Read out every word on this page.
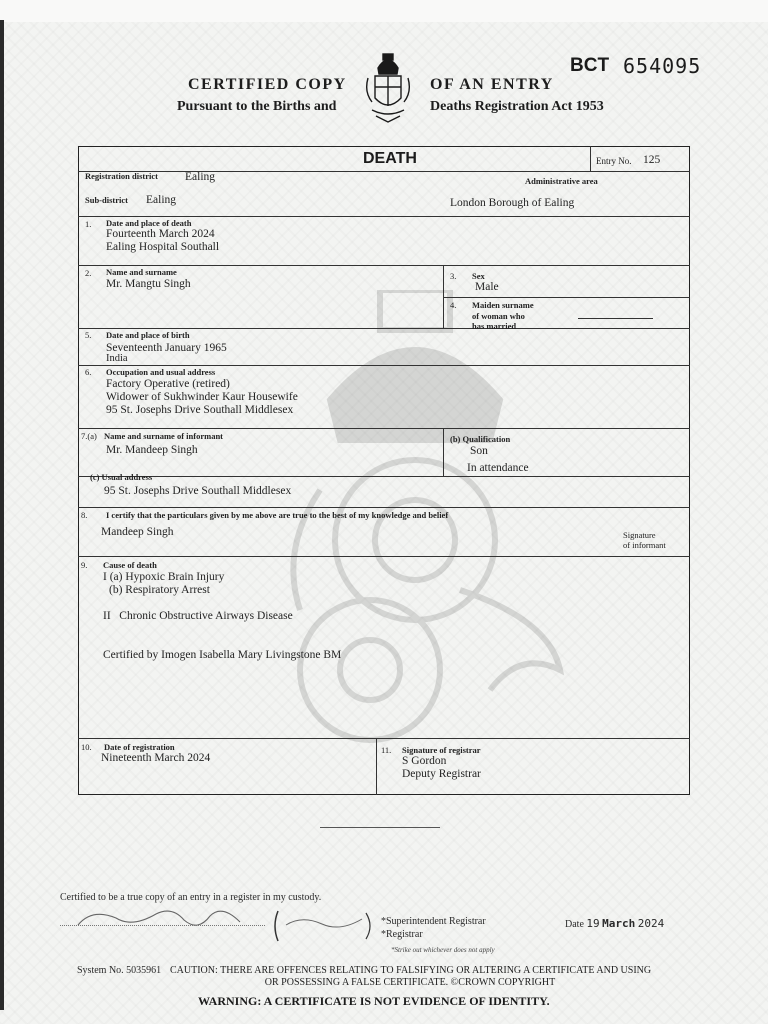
CERTIFIED COPY
Pursuant to the Births and
OF AN ENTRY
Deaths Registration Act 1953
BCT 654095
DEATH	Entry No. 125
Registration district Ealing	Administrative area
Sub-district Ealing	London Borough of Ealing
1. Date and place of death
Fourteenth March 2024
Ealing Hospital Southall
2. Name and surname
Mr. Mangtu Singh
3. Sex
Male
4. Maiden surname
of woman who
has married
5. Date and place of birth
Seventeenth January 1965
India
6. Occupation and usual address
Factory Operative (retired)
Widower of Sukhwinder Kaur Housewife
95 St. Josephs Drive Southall Middlesex
7.(a) Name and surname of informant
Mr. Mandeep Singh
(b) Qualification
Son
In attendance
(c) Usual address
95 St. Josephs Drive Southall Middlesex
8. I certify that the particulars given by me above are true to the best of my knowledge and belief
Mandeep Singh	Signature
of informant
9. Cause of death
I (a) Hypoxic Brain Injury
(b) Respiratory Arrest
II   Chronic Obstructive Airways Disease
Certified by Imogen Isabella Mary Livingstone BM
10. Date of registration
Nineteenth March 2024
11. Signature of registrar
S Gordon
Deputy Registrar
Certified to be a true copy of an entry in a register in my custody.
*Superintendent Registrar
*Registrar
*Strike out whichever does not apply
Date 19 March 2024
System No. 5035961 CAUTION: THERE ARE OFFENCES RELATING TO FALSIFYING OR ALTERING A CERTIFICATE AND USING
OR POSSESSING A FALSE CERTIFICATE. ©CROWN COPYRIGHT
WARNING: A CERTIFICATE IS NOT EVIDENCE OF IDENTITY.
